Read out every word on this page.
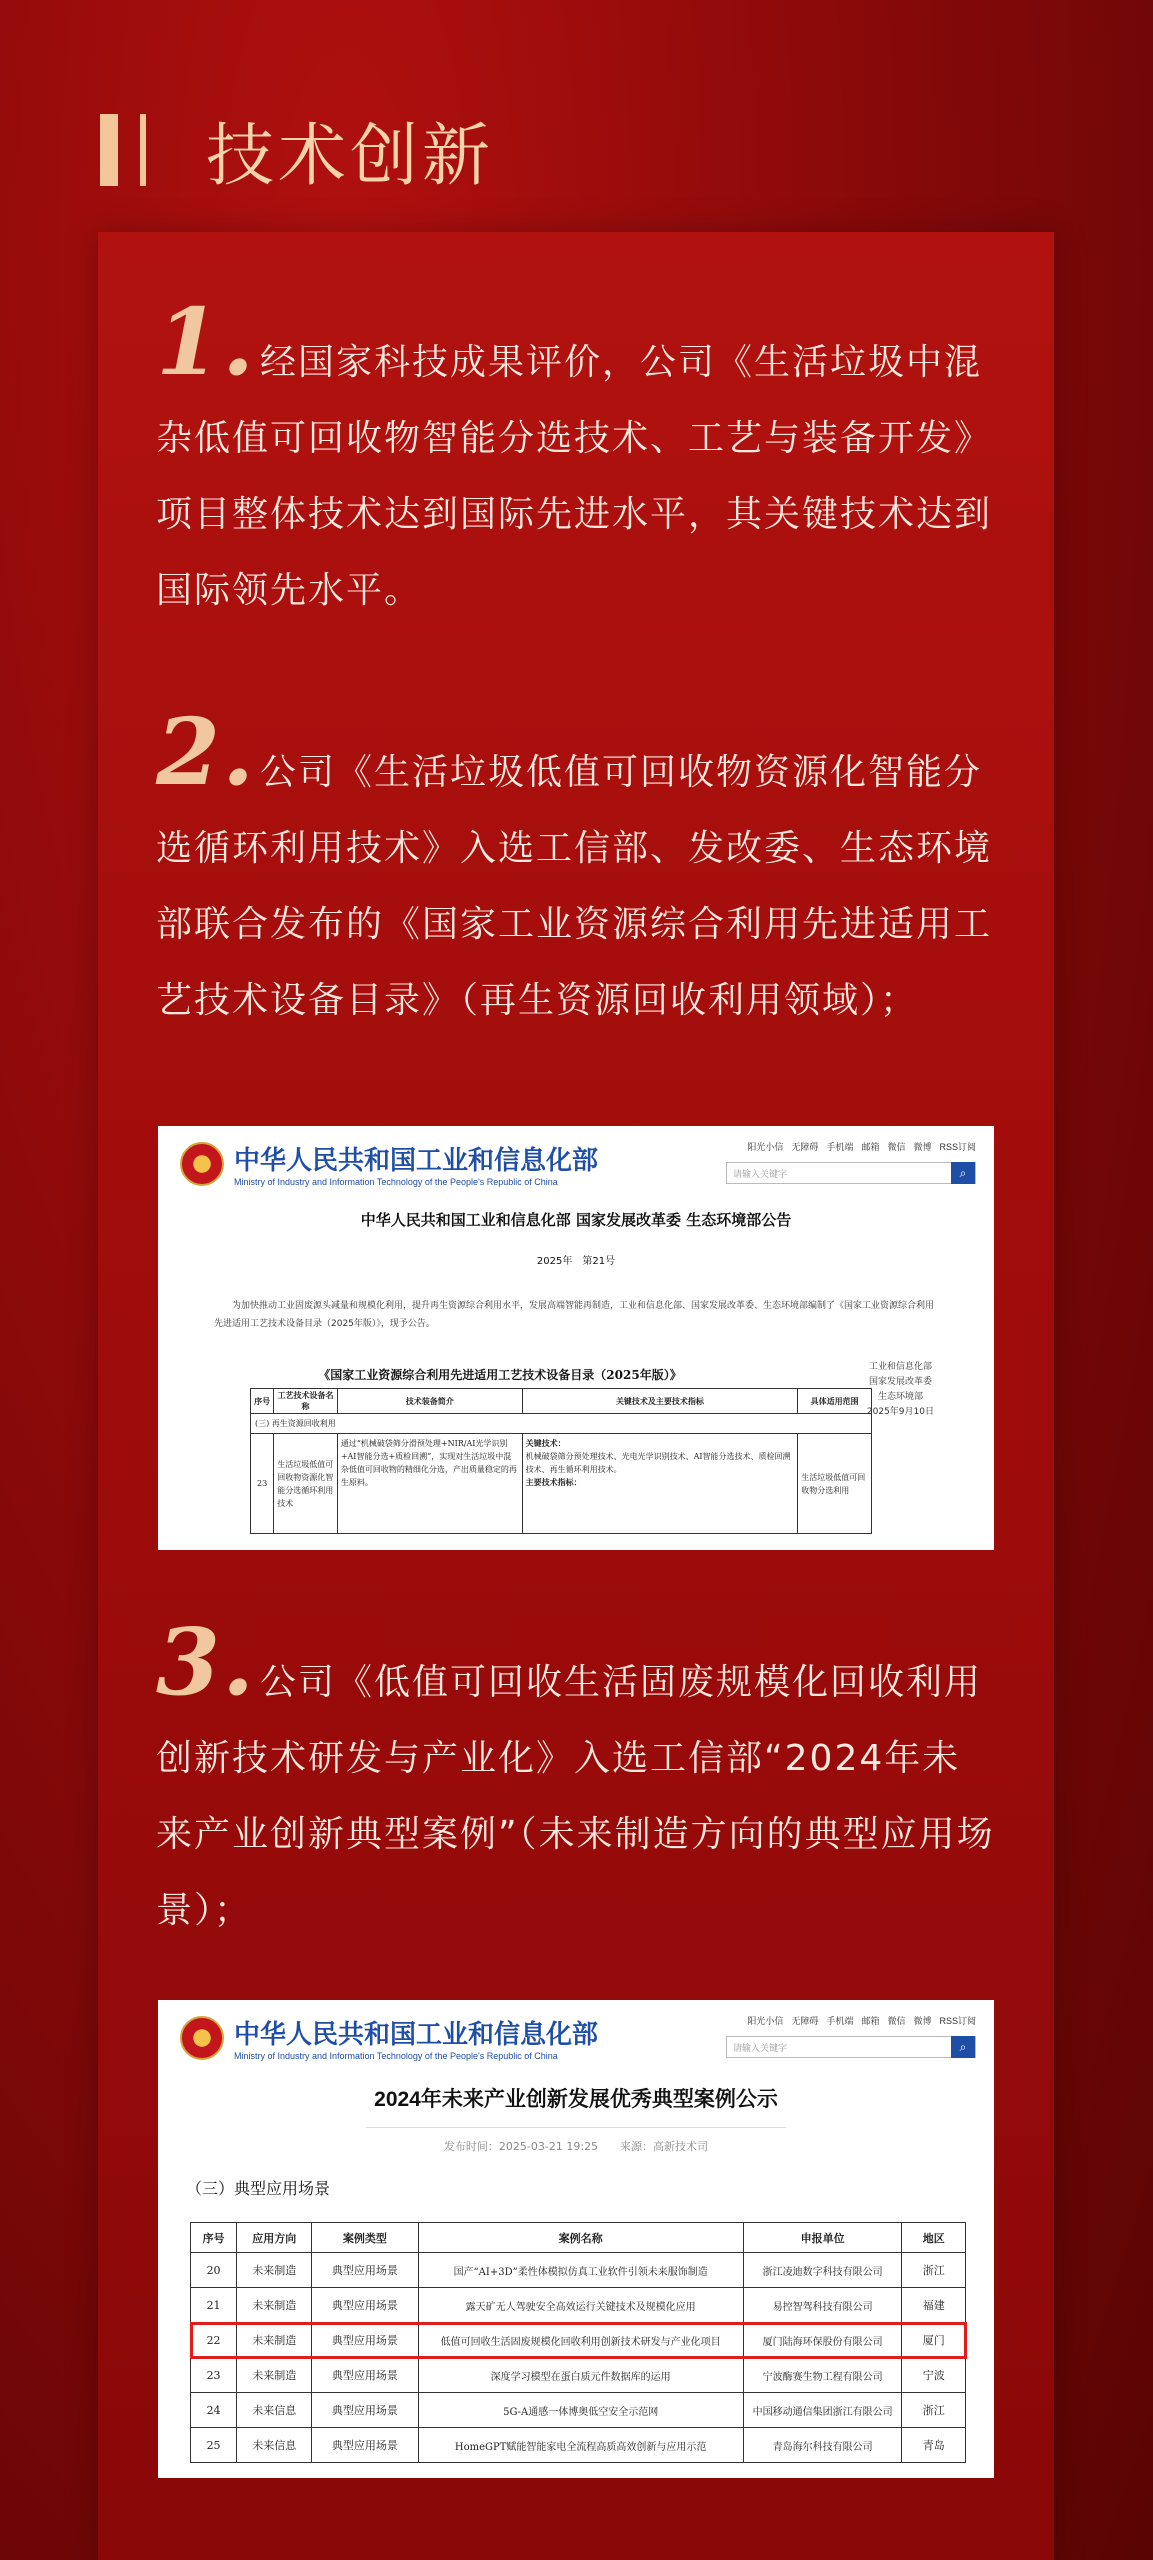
技术创新
1. 经国家科技成果评价，公司《生活垃圾中混杂低值可回收物智能分选技术、工艺与装备开发》项目整体技术达到国际先进水平，其关键技术达到国际领先水平。
2. 公司《生活垃圾低值可回收物资源化智能分选循环利用技术》入选工信部、发改委、生态环境部联合发布的《国家工业资源综合利用先进适用工艺技术设备目录》（再生资源回收利用领域）；
中华人民共和国工业和信息化部
Ministry of Industry and Information Technology of the People's Republic of China
阳光小信 无障碍 手机端 邮箱 微信 微博 RSS订阅
请输入关键字	⌕
中华人民共和国工业和信息化部 国家发展改革委 生态环境部公告
2025年　第21号
为加快推动工业固废源头减量和规模化利用，提升再生资源综合利用水平，发展高端智能再制造，工业和信息化部、国家发展改革委、生态环境部编制了《国家工业资源综合利用先进适用工艺技术设备目录（2025年版）》，现予公告。
工业和信息化部
国家发展改革委
生态环境部
2025年9月10日
《国家工业资源综合利用先进适用工艺技术设备目录（2025年版）》
序号	工艺技术设备名称	技术装备简介	关键技术及主要技术指标	具体适用范围
(三) 再生资源回收利用				
23	生活垃圾低值可回收物资源化智能分选循环利用技术	通过“机械破袋筛分滑预处理+NIR/AI光学识别+AI智能分选+质检回溯”，实现对生活垃圾中混杂低值可回收物的精细化分选，产出质量稳定的再生原料。	关键技术：
机械破袋筛分预处理技术、光电光学识别技术、AI智能分选技术、质检回溯技术、再生循环利用技术。
主要技术指标：	生活垃圾低值可回收物分选利用
3. 公司《低值可回收生活固废规模化回收利用创新技术研发与产业化》入选工信部“2024年未来产业创新典型案例”（未来制造方向的典型应用场景）；
中华人民共和国工业和信息化部
Ministry of Industry and Information Technology of the People's Republic of China
阳光小信 无障碍 手机端 邮箱 微信 微博 RSS订阅
请输入关键字	⌕
2024年未来产业创新发展优秀典型案例公示
发布时间：2025-03-21 19:25　　来源：高新技术司
（三）典型应用场景
序号	应用方向	案例类型	案例名称	申报单位	地区
20	未来制造	典型应用场景	国产“AI+3D”柔性体模拟仿真工业软件引领未来服饰制造	浙江凌迪数字科技有限公司	浙江
21	未来制造	典型应用场景	露天矿无人驾驶安全高效运行关键技术及规模化应用	易控智驾科技有限公司	福建
22	未来制造	典型应用场景	低值可回收生活固废规模化回收利用创新技术研发与产业化项目	厦门陆海环保股份有限公司	厦门
23	未来制造	典型应用场景	深度学习模型在蛋白质元件数据库的运用	宁波酶赛生物工程有限公司	宁波
24	未来信息	典型应用场景	5G-A通感一体博奥低空安全示范网	中国移动通信集团浙江有限公司	浙江
25	未来信息	典型应用场景	HomeGPT赋能智能家电全流程高质高效创新与应用示范	青岛海尔科技有限公司	青岛
